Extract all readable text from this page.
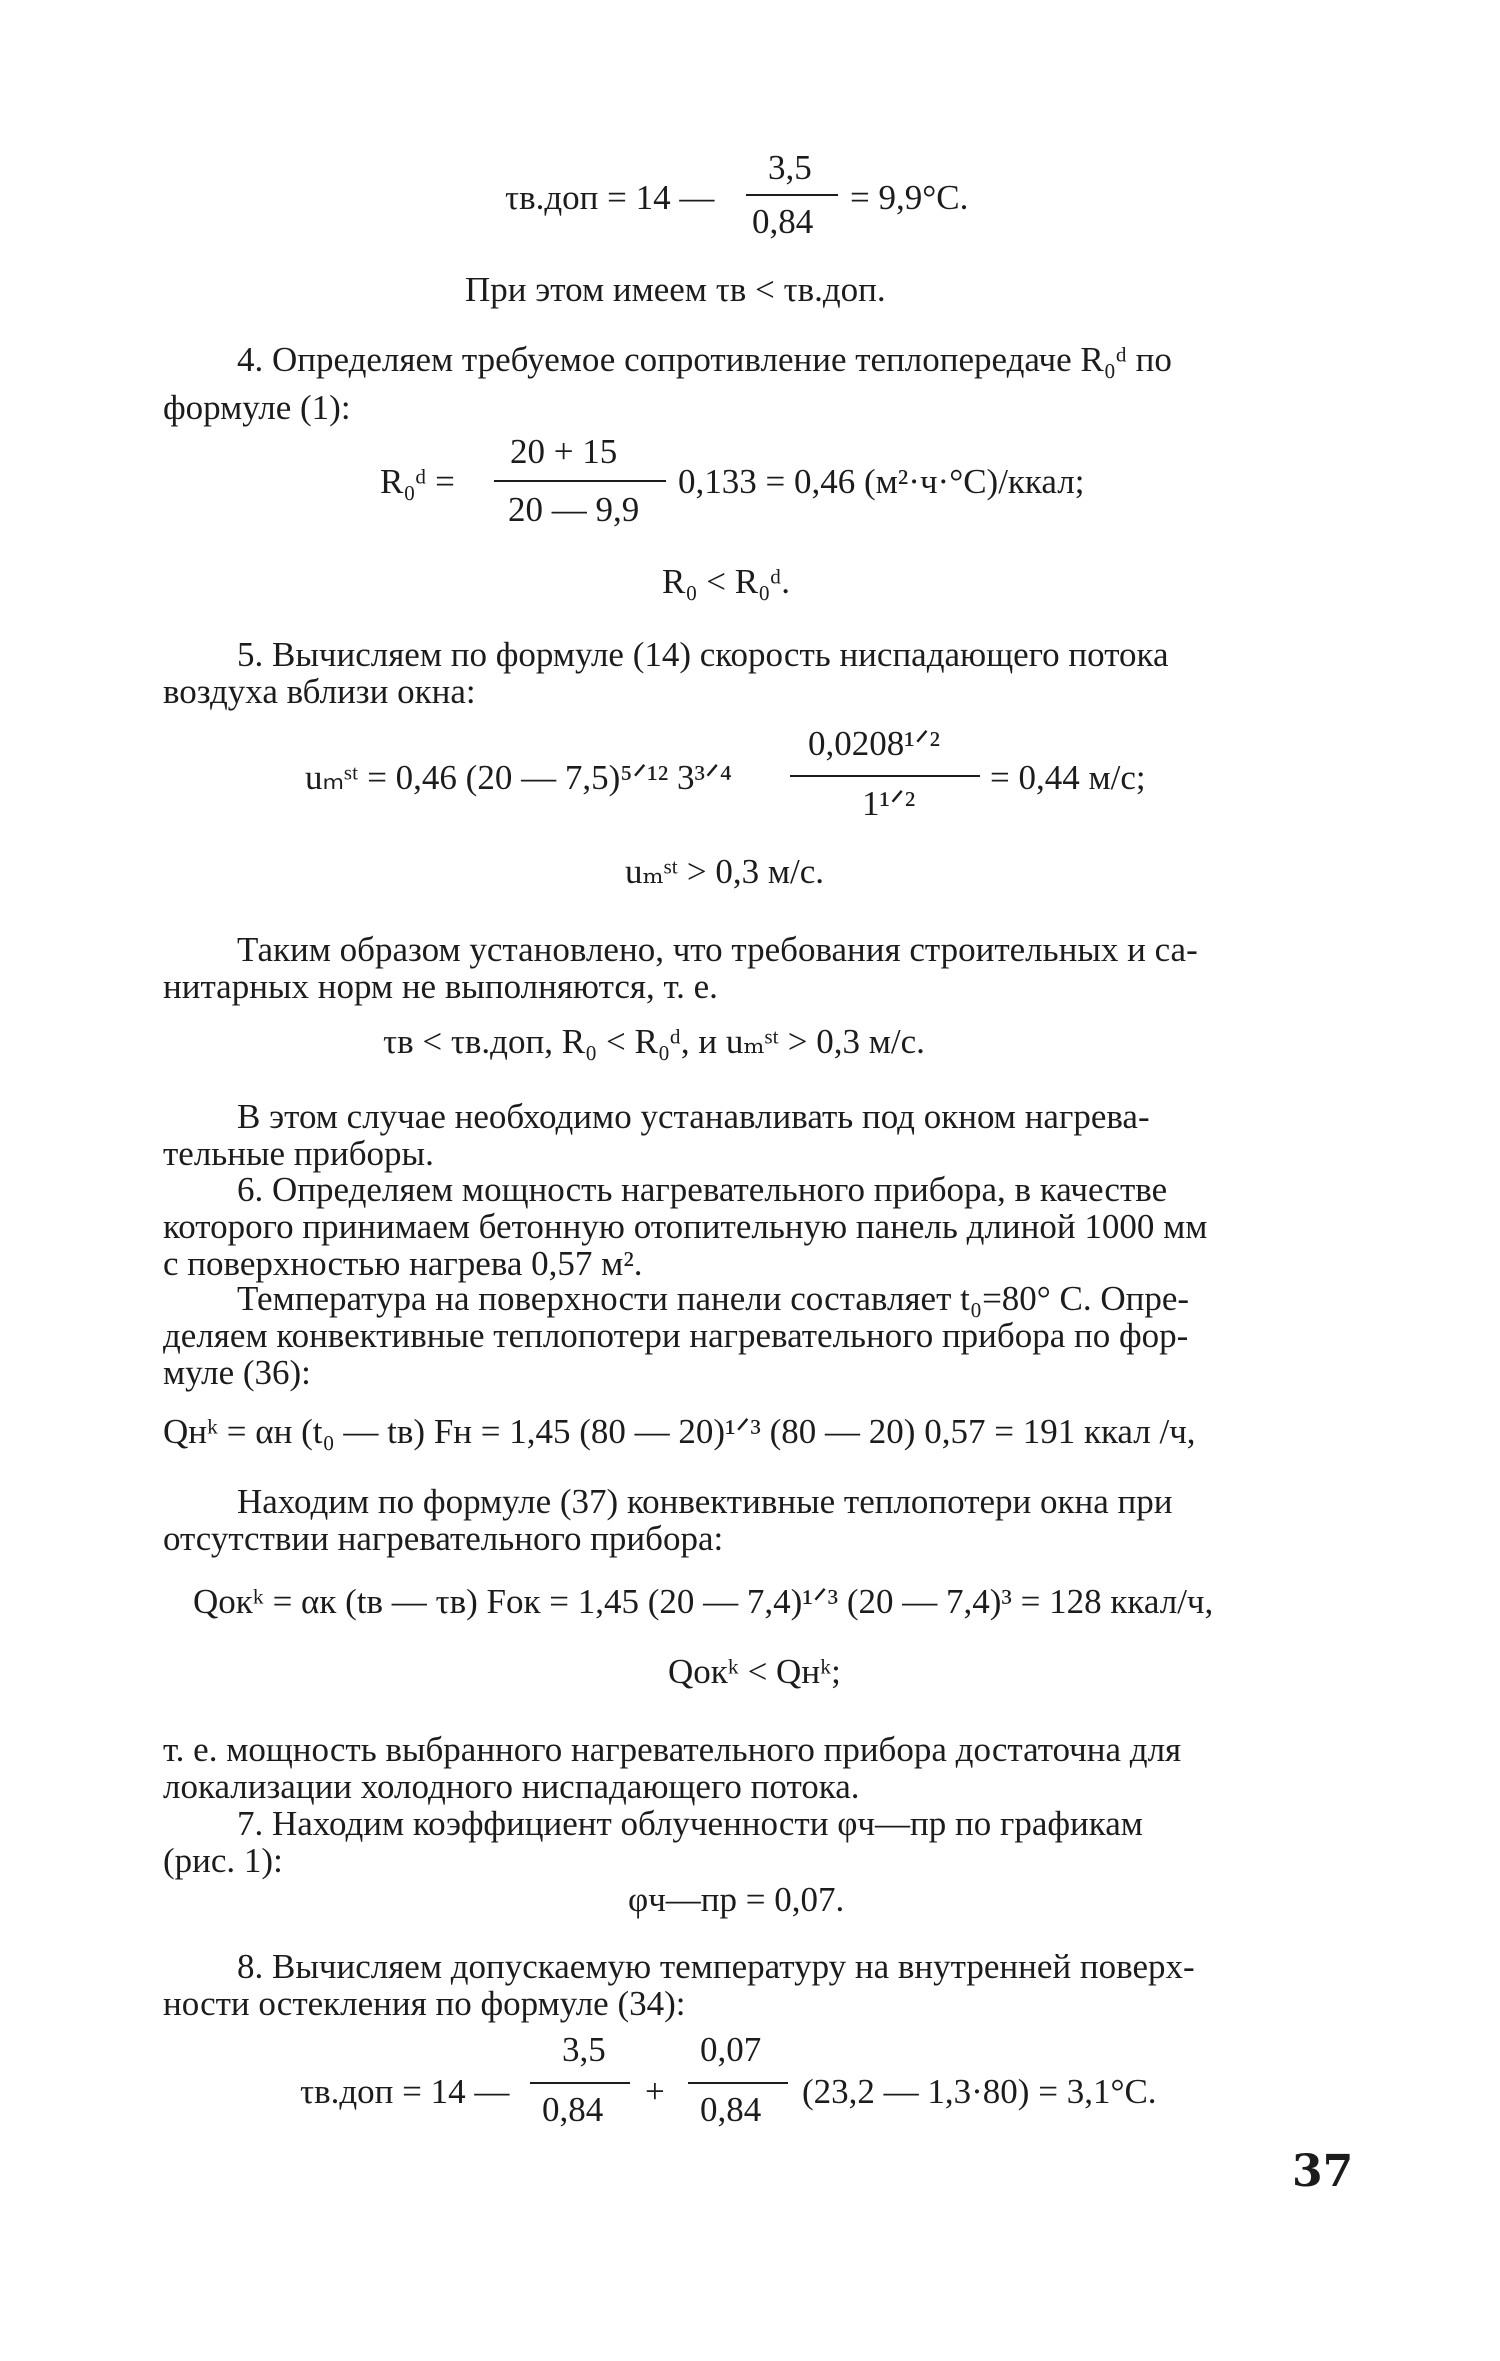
τв.доп = 14 —
3,5
0,84
= 9,9°С.
При этом имеем τв < τв.доп.
4. Определяем требуемое сопротивление теплопередаче R₀ᵈ по
формуле (1):
R₀ᵈ =
20 + 15
20 — 9,9
0,133 = 0,46 (м²·ч·°С)/ккал;
R₀ < R₀ᵈ.
5. Вычисляем по формуле (14) скорость ниспадающего потока
воздуха вблизи окна:
uₘˢᵗ = 0,46 (20 — 7,5)⁵ᐟ¹² 3³ᐟ⁴
0,0208¹ᐟ²
1¹ᐟ²
= 0,44 м/с;
uₘˢᵗ > 0,3 м/с.
Таким образом установлено, что требования строительных и са-
нитарных норм не выполняются, т. е.
τв < τв.доп, R₀ < R₀ᵈ, и uₘˢᵗ > 0,3 м/с.
В этом случае необходимо устанавливать под окном нагрева-
тельные приборы.
6. Определяем мощность нагревательного прибора, в качестве
которого принимаем бетонную отопительную панель длиной 1000 мм
с поверхностью нагрева 0,57 м².
Температура на поверхности панели составляет t₀=80° С. Опре-
деляем конвективные теплопотери нагревательного прибора по фор-
муле (36):
Qнᵏ = αн (t₀ — tв) Fн = 1,45 (80 — 20)¹ᐟ³ (80 — 20) 0,57 = 191 ккал /ч,
Находим по формуле (37) конвективные теплопотери окна при
отсутствии нагревательного прибора:
Qокᵏ = αк (tв — τв) Fок = 1,45 (20 — 7,4)¹ᐟ³ (20 — 7,4)³ = 128 ккал/ч,
Qокᵏ < Qнᵏ;
т. е. мощность выбранного нагревательного прибора достаточна для
локализации холодного ниспадающего потока.
7. Находим коэффициент облученности φч—пр по графикам
(рис. 1):
φч—пр = 0,07.
8. Вычисляем допускаемую температуру на внутренней поверх-
ности остекления по формуле (34):
τв.доп = 14 —
3,5
0,84 +
0,07
0,84 (23,2 — 1,3·80) = 3,1°С.
37
